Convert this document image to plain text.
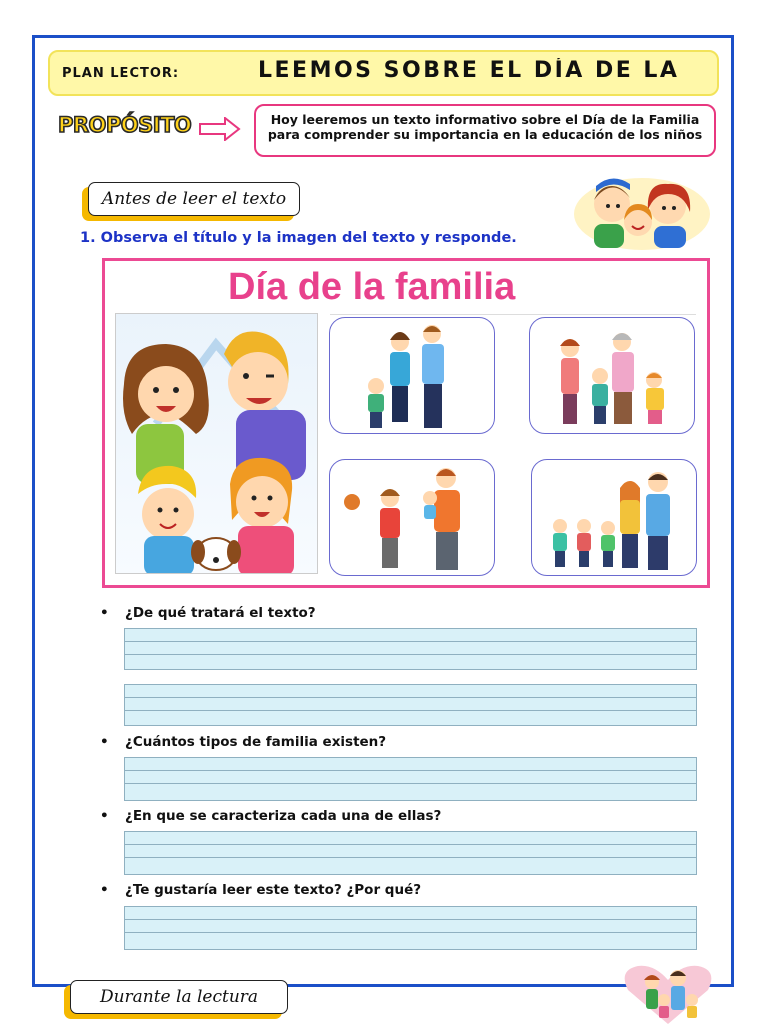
PLAN LECTOR:	LEEMOS SOBRE EL DÍA DE LA
PROPÓSITO	Hoy leeremos un texto informativo sobre el Día de la Familia para comprender su importancia en la educación de los niños
Antes de leer el texto
1. Observa el título y la imagen del texto y responde.
Día de la familia
• ¿De qué tratará el texto?
• ¿Cuántos tipos de familia existen?
• ¿En que se caracteriza cada una de ellas?
• ¿Te gustaría leer este texto? ¿Por qué?
Durante la lectura
